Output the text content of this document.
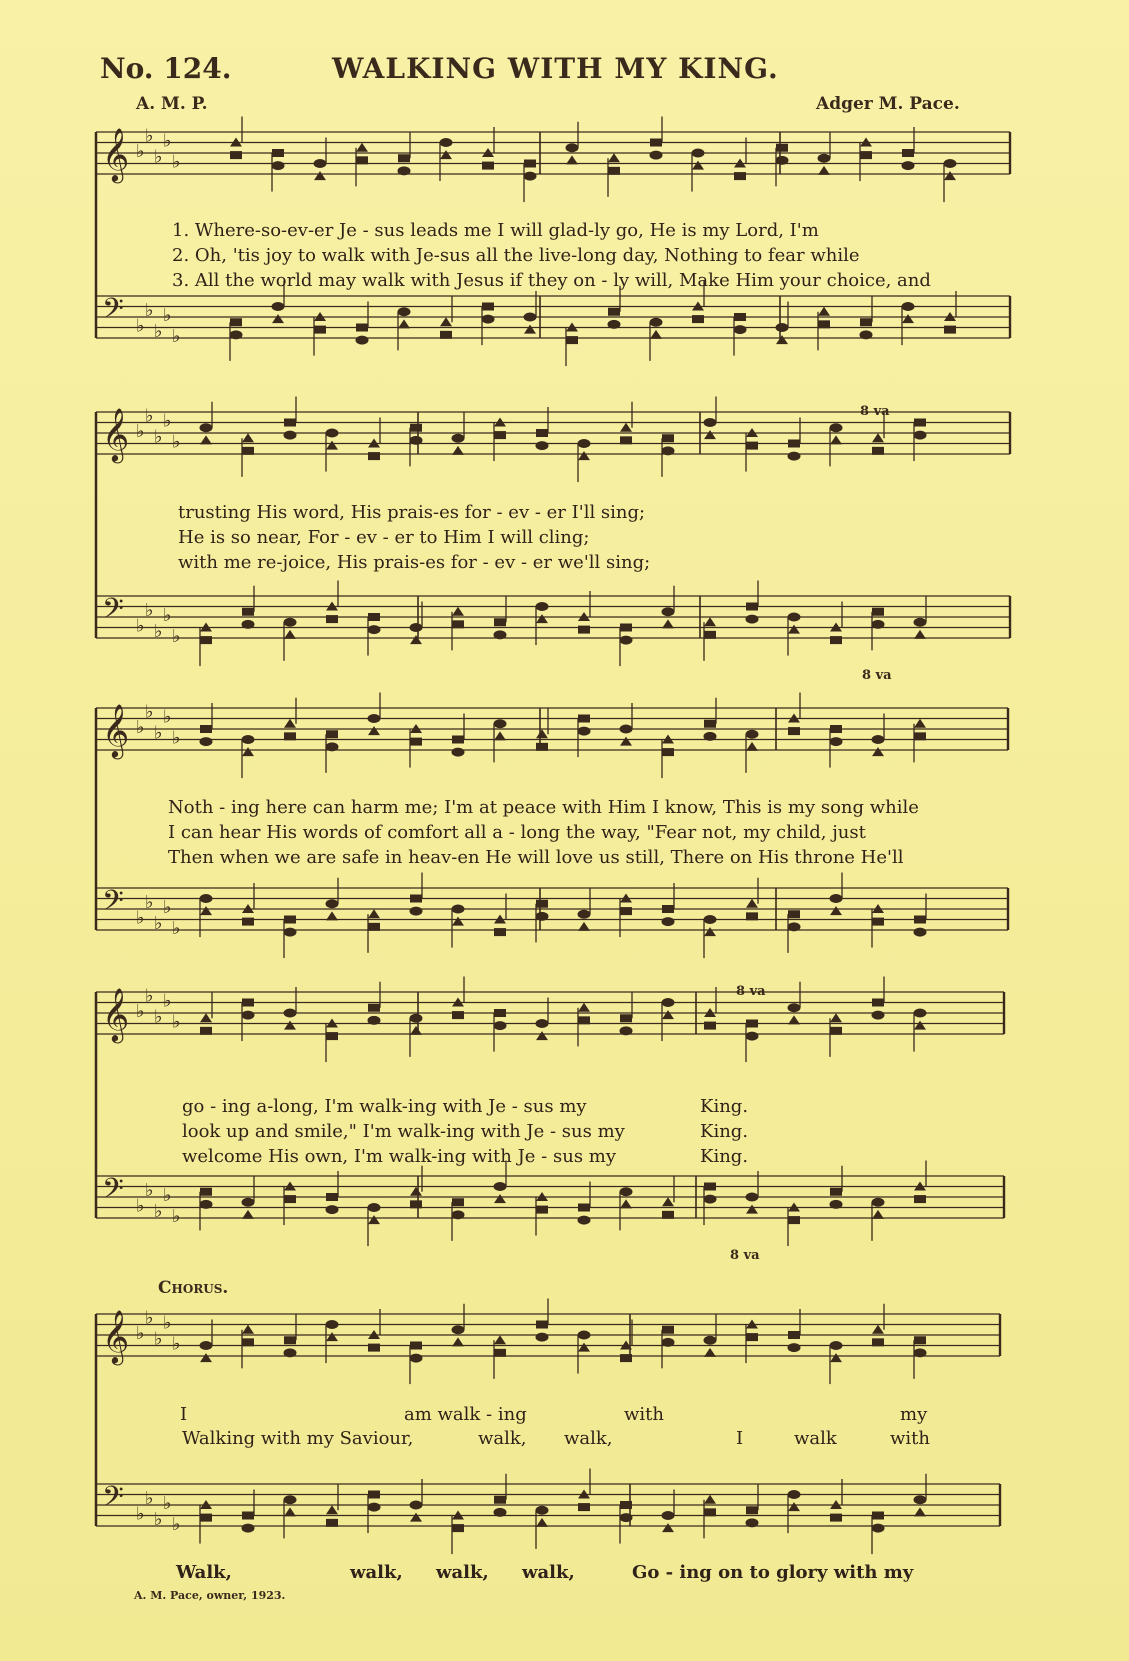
No. 124.	WALKING WITH MY KING.
A. M. P.	Adger M. Pace.
♭
♭
♭
♭
♭
𝄞
♭
♭
♭
♭
♭
𝄢
♭
♭
♭
♭
♭
𝄞
♭
♭
♭
♭
♭
𝄢
♭
♭
♭
♭
♭
𝄞
♭
♭
♭
♭
♭
𝄢
♭
♭
♭
♭
♭
𝄞
♭
♭
♭
♭
♭
𝄢
♭
♭
♭
♭
♭
𝄞
♭
♭
♭
♭
♭
𝄢
1. Where-so-ev-er Je - sus leads me I will glad-ly go, He is my Lord, I'm
2. Oh, 'tis joy to walk with Je-sus all the live-long day, Nothing to fear while
3. All the world may walk with Jesus if they on - ly will, Make Him your choice, and
trusting His word, His prais-es for - ev - er I'll sing;
He is so near, For - ev - er to Him I will cling;
with me re-joice, His prais-es for - ev - er we'll sing;
8 va
8 va
Noth - ing here can harm me; I'm at peace with Him I know, This is my song while
I can hear His words of comfort all a - long the way, "Fear not, my child, just
Then when we are safe in heav-en He will love us still, There on His throne He'll
go - ing a-long, I'm walk-ing with Je - sus my
look up and smile," I'm walk-ing with Je - sus my
welcome His own, I'm walk-ing with Je - sus my
King.
King.
King.
8 va
8 va
Chorus.
I	am walk - ing	with	my
Walking with my Saviour,	walk, walk,	I	walk	with
Walk,	walk, walk, walk,	Go - ing on to glory with my
A. M. Pace, owner, 1923.
